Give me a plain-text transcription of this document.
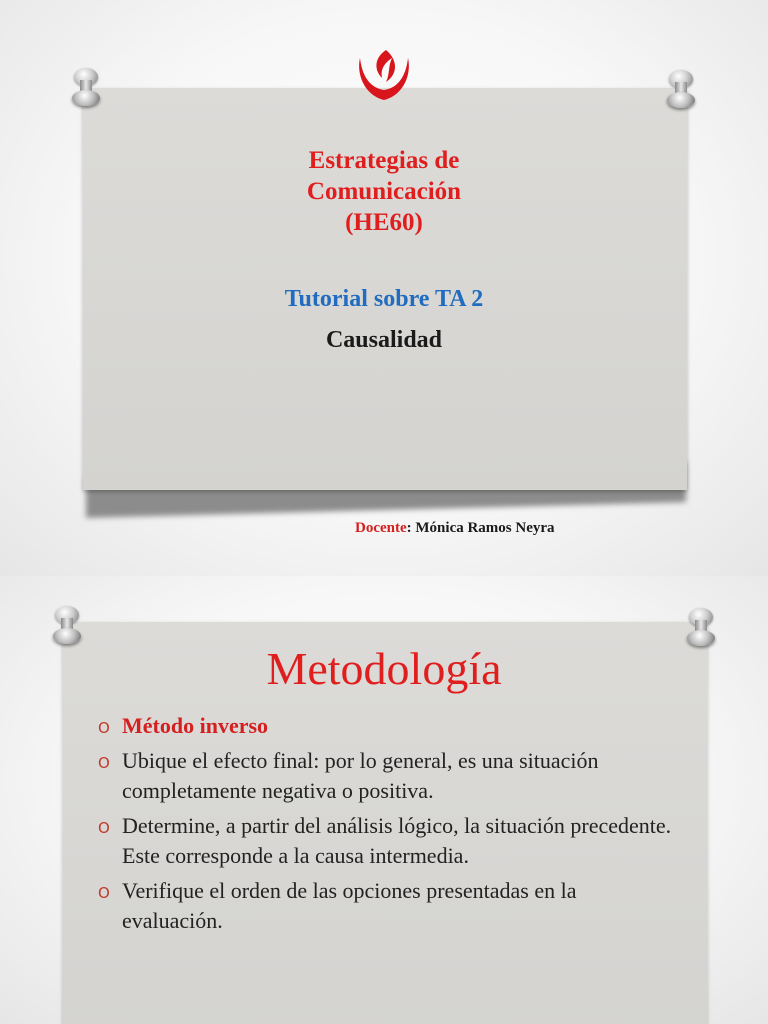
Estrategias de
Comunicación
(HE60)
Tutorial sobre TA 2
Causalidad
Docente: Mónica Ramos Neyra
Metodología
O Método inverso
O Ubique el efecto final: por lo general, es una situación completamente negativa o positiva.
O Determine, a partir del análisis lógico, la situación precedente. Este corresponde a la causa intermedia.
O Verifique el orden de las opciones presentadas en la evaluación.
